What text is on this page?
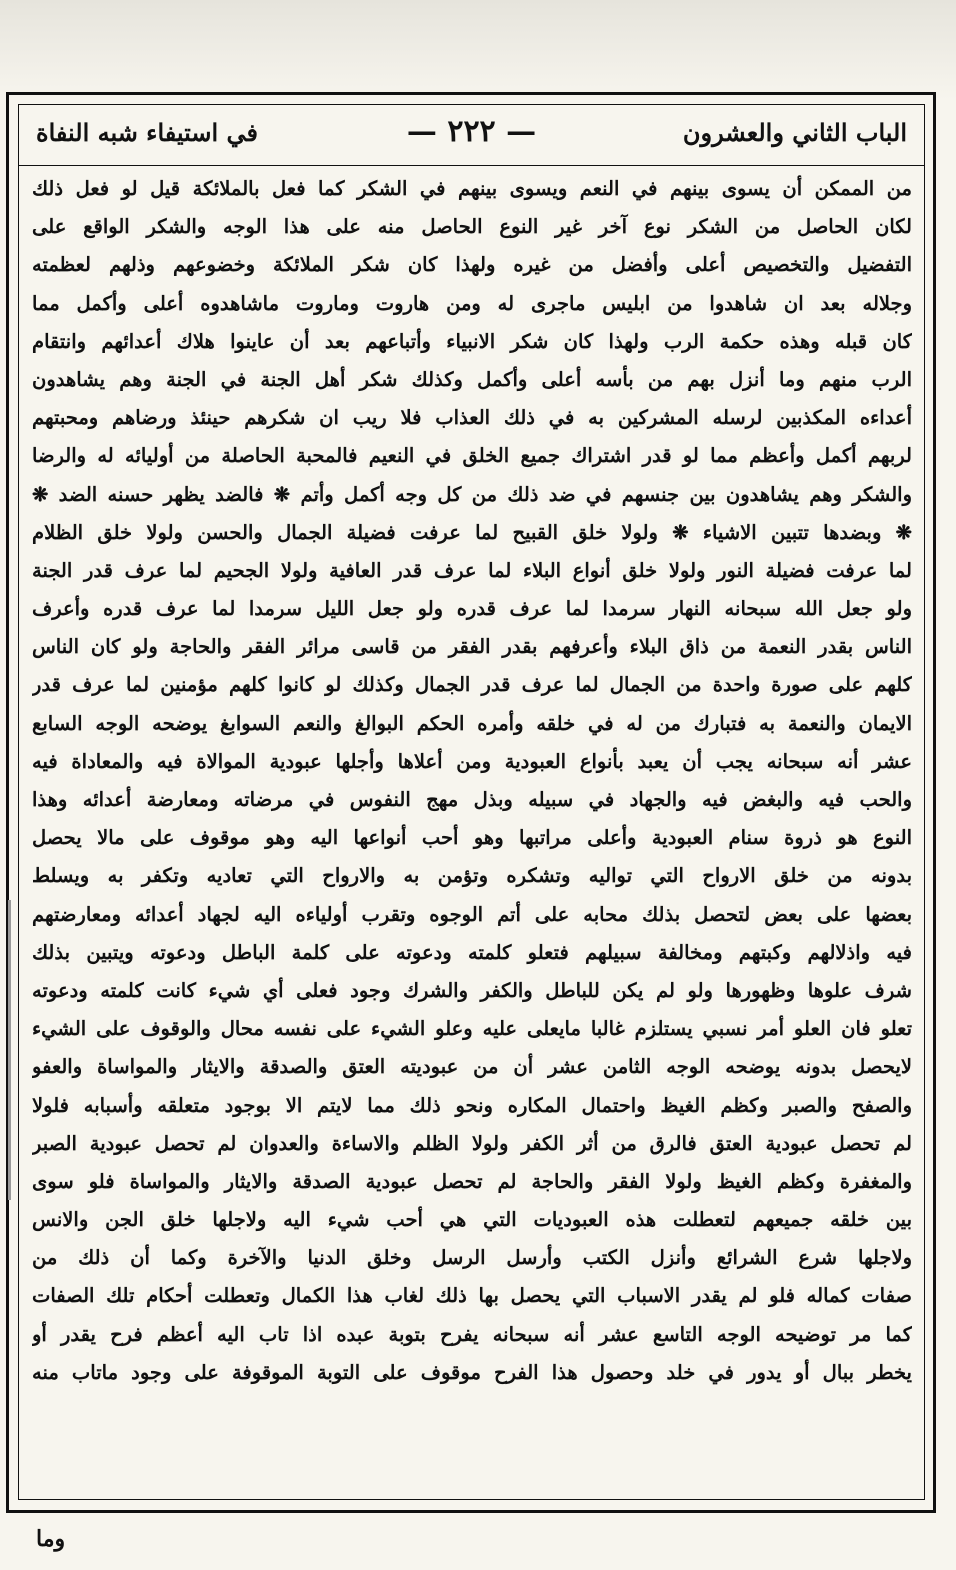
الباب الثاني والعشرون
— ٢٢٢ —
في استيفاء شبه النفاة
من الممكن أن يسوى بينهم في النعم ويسوى بينهم في الشكر كما فعل بالملائكة قيل لو فعل ذلك
لكان الحاصل من الشكر نوع آخر غير النوع الحاصل منه على هذا الوجه والشكر الواقع على
التفضيل والتخصيص أعلى وأفضل من غيره ولهذا كان شكر الملائكة وخضوعهم وذلهم لعظمته
وجلاله بعد ان شاهدوا من ابليس ماجرى له ومن هاروت وماروت ماشاهدوه أعلى وأكمل مما
كان قبله وهذه حكمة الرب ولهذا كان شكر الانبياء وأتباعهم بعد أن عاينوا هلاك أعدائهم وانتقام
الرب منهم وما أنزل بهم من بأسه أعلى وأكمل وكذلك شكر أهل الجنة في الجنة وهم يشاهدون
أعداءه المكذبين لرسله المشركين به في ذلك العذاب فلا ريب ان شكرهم حينئذ ورضاهم ومحبتهم
لربهم أكمل وأعظم مما لو قدر اشتراك جميع الخلق في النعيم فالمحبة الحاصلة من أوليائه له والرضا
والشكر وهم يشاهدون بين جنسهم في ضد ذلك من كل وجه أكمل وأتم ❋ فالضد يظهر حسنه الضد ❋
❋ وبضدها تتبين الاشياء ❋ ولولا خلق القبيح لما عرفت فضيلة الجمال والحسن ولولا خلق الظلام
لما عرفت فضيلة النور ولولا خلق أنواع البلاء لما عرف قدر العافية ولولا الجحيم لما عرف قدر الجنة
ولو جعل الله سبحانه النهار سرمدا لما عرف قدره ولو جعل الليل سرمدا لما عرف قدره وأعرف
الناس بقدر النعمة من ذاق البلاء وأعرفهم بقدر الفقر من قاسى مرائر الفقر والحاجة ولو كان الناس
كلهم على صورة واحدة من الجمال لما عرف قدر الجمال وكذلك لو كانوا كلهم مؤمنين لما عرف قدر
الايمان والنعمة به فتبارك من له في خلقه وأمره الحكم البوالغ والنعم السوابغ يوضحه الوجه السابع
عشر أنه سبحانه يجب أن يعبد بأنواع العبودية ومن أعلاها وأجلها عبودية الموالاة فيه والمعاداة فيه
والحب فيه والبغض فيه والجهاد في سبيله وبذل مهج النفوس في مرضاته ومعارضة أعدائه وهذا
النوع هو ذروة سنام العبودية وأعلى مراتبها وهو أحب أنواعها اليه وهو موقوف على مالا يحصل
بدونه من خلق الارواح التي تواليه وتشكره وتؤمن به والارواح التي تعاديه وتكفر به ويسلط
بعضها على بعض لتحصل بذلك محابه على أتم الوجوه وتقرب أولياءه اليه لجهاد أعدائه ومعارضتهم
فيه واذلالهم وكبتهم ومخالفة سبيلهم فتعلو كلمته ودعوته على كلمة الباطل ودعوته ويتبين بذلك
شرف علوها وظهورها ولو لم يكن للباطل والكفر والشرك وجود فعلى أي شيء كانت كلمته ودعوته
تعلو فان العلو أمر نسبي يستلزم غالبا مايعلى عليه وعلو الشيء على نفسه محال والوقوف على الشيء
لايحصل بدونه يوضحه الوجه الثامن عشر أن من عبوديته العتق والصدقة والايثار والمواساة والعفو
والصفح والصبر وكظم الغيظ واحتمال المكاره ونحو ذلك مما لايتم الا بوجود متعلقه وأسبابه فلولا
لم تحصل عبودية العتق فالرق من أثر الكفر ولولا الظلم والاساءة والعدوان لم تحصل عبودية الصبر
والمغفرة وكظم الغيظ ولولا الفقر والحاجة لم تحصل عبودية الصدقة والايثار والمواساة فلو سوى
بين خلقه جميعهم لتعطلت هذه العبوديات التي هي أحب شيء اليه ولاجلها خلق الجن والانس
ولاجلها شرع الشرائع وأنزل الكتب وأرسل الرسل وخلق الدنيا والآخرة وكما أن ذلك من
صفات كماله فلو لم يقدر الاسباب التي يحصل بها ذلك لغاب هذا الكمال وتعطلت أحكام تلك الصفات
كما مر توضيحه الوجه التاسع عشر أنه سبحانه يفرح بتوبة عبده اذا تاب اليه أعظم فرح يقدر أو
يخطر ببال أو يدور في خلد وحصول هذا الفرح موقوف على التوبة الموقوفة على وجود ماتاب منه
وما
